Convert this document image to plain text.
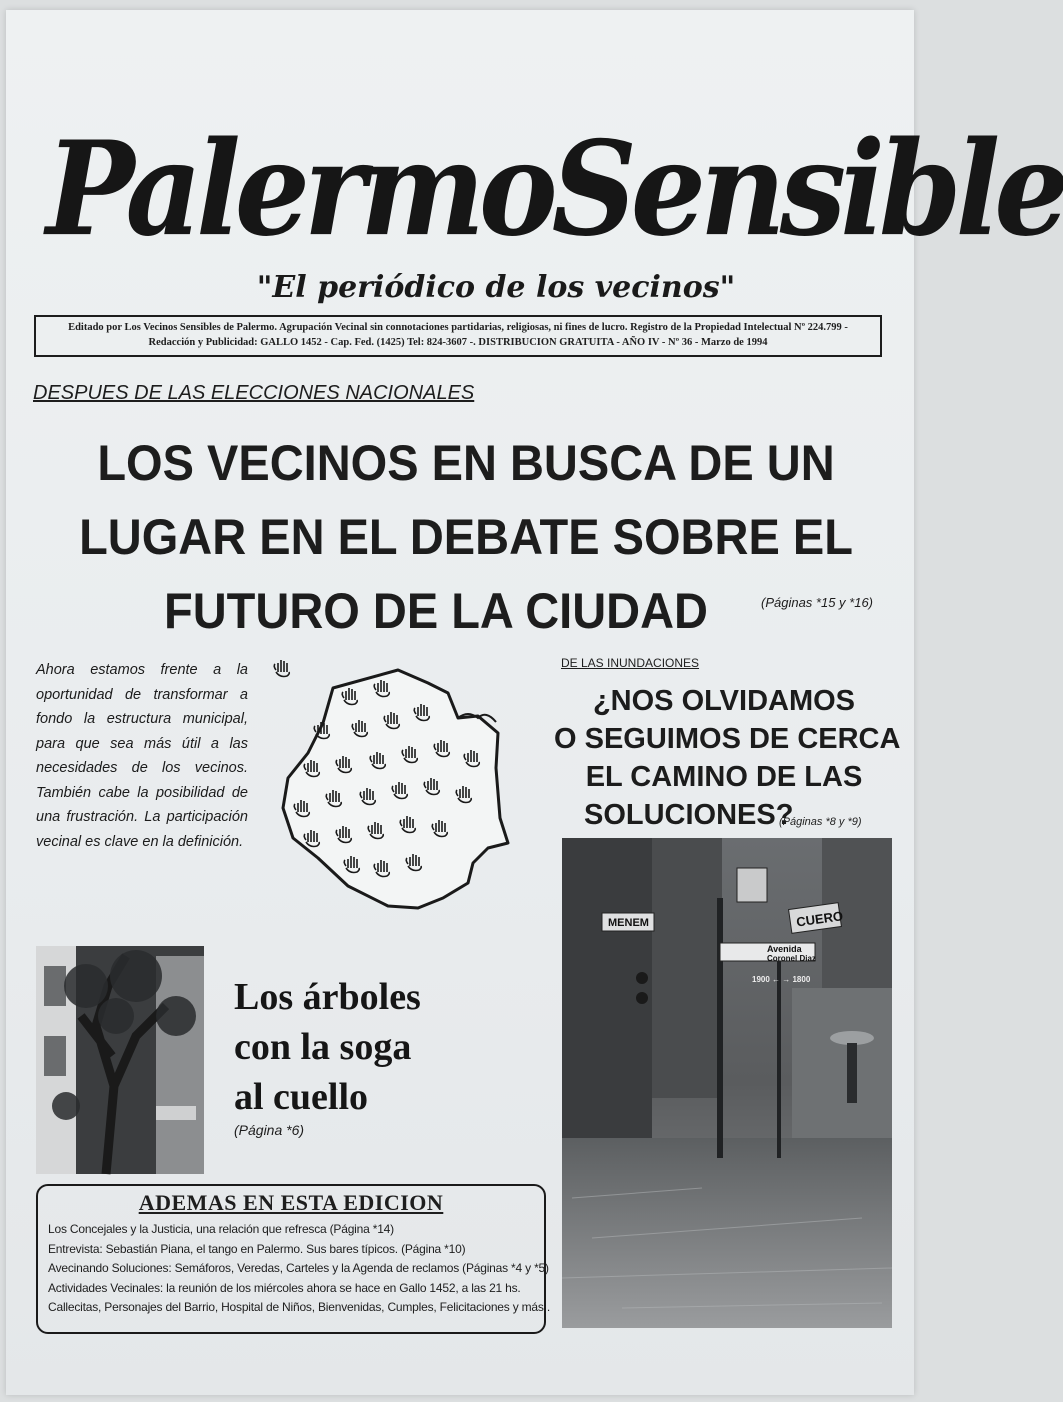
PalermoSensible
"El periódico de los vecinos"
Editado por Los Vecinos Sensibles de Palermo. Agrupación Vecinal sin connotaciones partidarias, religiosas, ni fines de lucro. Registro de la Propiedad Intelectual Nº 224.799 -
Redacción y Publicidad: GALLO 1452 - Cap. Fed. (1425) Tel: 824-3607 -. DISTRIBUCION GRATUITA - AÑO IV - Nº 36 - Marzo de 1994
DESPUES DE LAS ELECCIONES NACIONALES
LOS VECINOS EN BUSCA DE UN
LUGAR EN EL DEBATE SOBRE EL
FUTURO DE LA CIUDAD	(Páginas *15 y *16)
Ahora estamos frente a la oportunidad de transformar a fondo la estructura municipal, para que sea más útil a las necesidades de los vecinos. También cabe la posibilidad de una frustración. La participación vecinal es clave en la definición.
DE LAS INUNDACIONES
¿NOS OLVIDAMOS
O SEGUIMOS DE CERCA
EL CAMINO DE LAS
SOLUCIONES?
(Páginas *8 y *9)
Avenida
Coronel Diaz
1900 ← → 1800
MENEM	CUERO
Los árboles
con la soga
al cuello
(Página *6)
ADEMAS EN ESTA EDICION
Los Concejales y la Justicia, una relación que refresca (Página *14)
Entrevista: Sebastián Piana, el tango en Palermo. Sus bares típicos. (Página *10)
Avecinando Soluciones: Semáforos, Veredas, Carteles y la Agenda de reclamos (Páginas *4 y *5)
Actividades Vecinales: la reunión de los miércoles ahora se hace en Gallo 1452, a las 21 hs.
Callecitas, Personajes del Barrio, Hospital de Niños, Bienvenidas, Cumples, Felicitaciones y más..
